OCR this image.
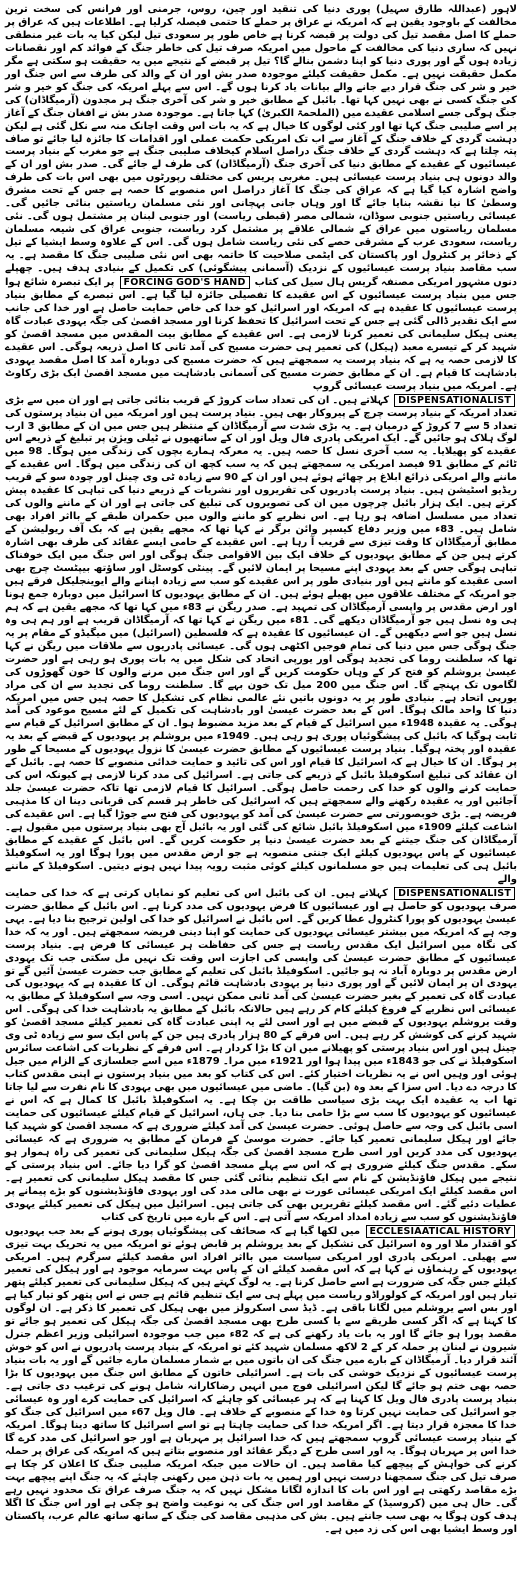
لاہور (عبداللہ طارق سہیل) پوری دنیا کی تنقید اور چین، روس، جرمنی اور فرانس کی سخت ترین مخالفت کے باوجود یقین ہے کہ امریکہ نے عراق پر حملے کا حتمی فیصلہ کرلیا ہے۔ اطلاعات ہیں کہ عراق پر حملے کا اصل مقصد تیل کی دولت پر قبضہ کرنا ہے خاص طور پر سعودی تیل لیکن کیا یہ بات غیر منطقی نہیں کہ ساری دنیا کی مخالفت کے ماحول میں امریکہ صرف تیل کی خاطر جنگ کے فوائد کم اور نقصانات زیادہ ہوں گے اور پوری دنیا کو اپنا دشمن بنالے گا؟ تیل پر قبضے کے نتیجے میں یہ حقیقت ہو سکتی ہے مگر مکمل حقیقت نہیں ہے۔ مکمل حقیقت کیلئے موجودہ صدر بش اور ان کے والد کی طرف سے اس جنگ اور خیر و شر کی جنگ قرار دیے جانے والے بیانات یاد کرنا ہوں گے۔ اس سے پہلے امریکہ کی جنگ کو خیر و شر کی جنگ کسی نے بھی نہیں کہا تھا۔ بائبل کے مطابق خیر و شر کی آخری جنگ ہر مجدون (آرمیگاڈان) کی جنگ ہوگی جسے اسلامی عقیدے میں (الملحمۃ الکبریٰ) کہا جاتا ہے۔ موجودہ صدر بش نے افغان جنگ کے آغاز پر اسے صلیبی جنگ کہا تھا اور کئی لوگوں کا خیال ہے کہ یہ بات اس وقت اچانک منہ سے نکل گئی ہے لیکن دہشت گردی کے خلاف جنگ کے آغاز سے اب تک امریکی حکمت عملی اور اقدامات کا جائزہ لیا جائے تو صاف پتہ چلتا ہے کہ دہشت گردی کے خلاف جنگ دراصل اسلام کیخلاف صلیبی جنگ ہے جو مغرب کے بنیاد پرست عیسائیوں کے عقیدے کے مطابق دنیا کی آخری جنگ (آرمیگاڈان) کی طرف لے جائے گی۔ صدر بش اور ان کے والد دونوں ہی بنیاد پرست عیسائی ہیں۔ مغربی پریس کی مختلف رپورٹوں میں بھی اس بات کی طرف واضح اشارہ کیا گیا ہے کہ عراق کی جنگ کا آغاز دراصل اس منصوبے کا حصہ ہے جس کے تحت مشرق وسطیٰ کا نیا نقشہ بنایا جائے گا اور وہاں جانی پہچانی اور نئی مسلمان ریاستیں بنائی جائیں گی۔ عیسائی ریاستیں جنوبی سوڈان، شمالی مصر (قبطی ریاست) اور جنوبی لبنان پر مشتمل ہوں گی۔ نئی مسلمان ریاستوں میں عراق کے شمالی علاقے پر مشتمل کرد ریاست، جنوبی عراق کی شیعہ مسلمان ریاست، سعودی عرب کے مشرقی حصے کی نئی ریاست شامل ہوں گی۔ اس کے علاوہ وسط ایشیا کے تیل کے ذخائر پر کنٹرول اور پاکستان کی ایٹمی صلاحیت کا خاتمہ بھی اس نئی صلیبی جنگ کا مقصد ہے۔ یہ سب مقاصد بنیاد پرست عیسائیوں کے نزدیک (آسمانی پیشگوئی) کی تکمیل کے بنیادی ہدف ہیں۔ چھپلے دنوں مشہور امریکی مصنفہ گریس ہال سیل کی کتاب FORCING GOD'S HAND پر ایک تبصرہ شائع ہوا جس میں بنیاد پرست عیسائیوں کے اس عقیدے کا تفصیلی جائزہ لیا گیا ہے۔ اس تبصرے کے مطابق بنیاد پرست عیسائیوں کا عقیدہ ہے کہ امریکہ اور اسرائیل کو خدا کی خاص حمایت حاصل ہے اور خدا کی جانب سے ایک تقدیر ڈالی گئی ہے جس کے تحت اسرائیل کا تحفظ کرنا اور مسجد اقصیٰ کی جگہ یہودی عبادت گاہ یعنی ہیکل سلیمانی کی تعمیر کرنا لازمی ہے۔ اس عقیدے کے مطابق بیت المقدس میں مسجد اقصیٰ کو شہید کر کے تیسرے معبد (ہیکل) کی تعمیر ہی حضرت مسیح کی آمد ثانی کا اصل ذریعہ ہوگی۔ اس عقیدے کا لازمی حصہ یہ ہے کہ بنیاد پرست یہ سمجھتے ہیں کہ حضرت مسیح کی دوبارہ آمد کا اصل مقصد یہودی بادشاہت کا قیام ہے۔ ان کے مطابق حضرت مسیح کی آسمانی بادشاہت میں مسجد اقصیٰ ایک بڑی رکاوٹ ہے۔ امریکہ میں بنیاد پرست عیسائی گروپ

DISPENSATIONALIST کہلاتے ہیں۔ ان کی تعداد سات کروڑ کے قریب بتائی جاتی ہے اور ان میں سے بڑی تعداد امریکہ کے بنیاد پرست چرچ کے پیروکار بھی ہیں۔ بنیاد پرست ہیں اور امریکہ میں ان بنیاد پرستوں کی تعداد 5 سے 7 کروڑ کے درمیان ہے۔ یہ بڑی شدت سے آرمیگاڈان کے منتظر ہیں جس میں ان کے مطابق 3 ارب لوگ ہلاک ہو جائیں گے۔ ایک امریکی پادری فال ویل اور ان کے ساتھیوں نے ٹیلی ویژن پر تبلیغ کے ذریعے اس عقیدے کو پھیلایا۔ یہ سب آخری نسل کا حصہ ہیں۔ یہ معرکہ ہمارے بچوں کی زندگی میں ہوگا۔ 98 میں ٹائم کے مطابق 91 فیصد امریکی یہ سمجھتے ہیں کہ یہ سب کچھ ان کی زندگی میں ہوگا۔ اس عقیدے کے ماننے والے امریکی ذرائع ابلاغ پر چھائے ہوئے ہیں اور ان کے 90 سے زیادہ ٹی وی چینل اور چودہ سو کے قریب ریڈیو اسٹیشن ہیں۔ بنیاد پرست پادریوں کی تقریروں اور نشریات کے ذریعے دنیا کی تباہی کا عقیدہ پیش کرتے ہیں۔ ایک ہزار بائبل چرچوں میں ان کی تصویروں کی تبلیغ کی جاتی ہے اور ان کے ماننے والوں کی تعداد میں مسلسل اضافہ ہو رہا ہے۔ اس نظریے کو ماننے والوں میں حکمران طبقے کے بااثر افراد بھی شامل ہیں۔ 83ء میں وزیر دفاع کیسپر وائن برگر نے کہا تھا کہ مجھے یقین ہے کہ بک آف ریولیشن کے مطابق آرمیگاڈان کا وقت تیزی سے قریب آ رہا ہے۔ اس عقیدے کے حامی ایسے عقائد کی طرف بھی اشارہ کرتے ہیں جن کے مطابق یہودیوں کے خلاف ایک بین الاقوامی جنگ ہوگی اور اس جنگ میں ایک خوفناک تباہی ہوگی جس کے بعد یہودی اپنے مسیحا پر ایمان لائیں گے۔ پینٹی کوسٹل اور ساؤتھ بیپٹسٹ چرچ بھی اسی عقیدے کو مانتے ہیں اور بنیادی طور پر اس عقیدے کو سب سے زیادہ اپنانے والے ایوینجلیکل فرقے ہیں جو امریکہ کے مختلف علاقوں میں پھیلے ہوئے ہیں۔ ان کے مطابق یہودیوں کا اسرائیل میں دوبارہ جمع ہونا اور ارض مقدس پر واپسی آرمیگاڈان کی تمہید ہے۔ صدر ریگن نے 83ء میں کہا تھا کہ مجھے یقین ہے کہ ہم ہی وہ نسل ہیں جو آرمیگاڈان دیکھے گی۔ 81ء میں ریگن نے کہا تھا کہ آرمیگاڈان قریب ہے اور ہم ہی وہ نسل ہیں جو اسے دیکھیں گے۔ ان عیسائیوں کا عقیدہ ہے کہ فلسطین (اسرائیل) میں میگیڈو کے مقام پر یہ جنگ ہوگی جس میں دنیا کی تمام فوجیں اکٹھی ہوں گی۔ عیسائی پادریوں سے ملاقات میں ریگن نے کہا تھا کہ سلطنت روما کی تجدید ہوگی اور یورپی اتحاد کی شکل میں یہ بات پوری ہو رہی ہے اور حضرت عیسیٰ یروشلم کو فتح کر کے وہاں حکومت کریں گے اور اس جنگ میں مرنے والوں کا خون گھوڑوں کی لگاموں تک پہنچے گا۔ اس جنگ میں 200 میل تک خون بہے گا۔ سلطنت روما کی تجدید سے ان کی مراد یورپی اتحاد ہے۔ بنیادی طور پر یہ دونوں باتیں نئے عالمی نظام کی تشکیل کا حصہ ہیں جس میں امریکہ دنیا کا واحد مالک ہوگا۔ اس کے بعد حضرت عیسیٰ اور بادشاہت کی تکمیل کے لئے مسیح موعود کی آمد ہوگی۔ یہ عقیدہ 1948ء میں اسرائیل کے قیام کے بعد مزید مضبوط ہوا۔ ان کے مطابق اسرائیل کے قیام سے ثابت ہوگیا کہ بائبل کی پیشگوئیاں پوری ہو رہی ہیں۔ 1949ء میں یروشلم پر یہودیوں کے قبضے کے بعد یہ عقیدہ اور پختہ ہوگیا۔ بنیاد پرست عیسائیوں کے مطابق حضرت عیسیٰ کا نزول یہودیوں کے مسیحا کے طور پر ہوگا۔ ان کا خیال ہے کہ اسرائیل کا قیام اور اس کی تائید و حمایت خدائی منصوبے کا حصہ ہے۔ بائبل کے ان عقائد کی تبلیغ اسکوفیلڈ بائبل کے ذریعے کی جاتی ہے۔ اسرائیل کی مدد کرنا لازمی ہے کیونکہ اس کی حمایت کرنے والوں کو خدا کی رحمت حاصل ہوگی۔ اسرائیل کا قیام لازمی تھا تاکہ حضرت عیسیٰ جلد آجائیں اور یہ عقیدہ رکھنے والے سمجھتے ہیں کہ اسرائیل کی خاطر ہر قسم کی قربانی دینا ان کا مذہبی فریضہ ہے۔ بڑی خوبصورتی سے حضرت عیسیٰ کی آمد کو یہودیوں کی فتح سے جوڑا گیا ہے۔ اس عقیدے کی اشاعت کیلئے 1909ء میں اسکوفیلڈ بائبل شائع کی گئی اور یہ بائبل آج بھی بنیاد پرستوں میں مقبول ہے۔ آرمیگاڈان کی جنگ جیتنے کے بعد حضرت عیسیٰ دنیا پر حکومت کریں گے۔ اس بائبل کے عقیدے کے مطابق عیسائیوں کے پاس یہودیوں کیلئے ایک جنتی منصوبہ ہے جو ارض مقدس میں پورا ہوگا اور یہ اسکوفیلڈ بائبل ہی کی تعلیمات ہیں جو مسلمانوں کیلئے کوئی مثبت رویہ پیدا نہیں ہونے دیتیں۔ اسکوفیلڈ کے ماننے والے

DISPENSATIONALIST کہلاتے ہیں۔ ان کی بائبل اس کی تعلیم کو نمایاں کرتی ہے کہ خدا کی حمایت صرف یہودیوں کو حاصل ہے اور عیسائیوں کا فرض یہودیوں کی مدد کرنا ہے۔ اس بائبل کے مطابق حضرت عیسیٰ یہودیوں کو پورا کنٹرول عطا کریں گے۔ اس بائبل نے اسرائیل کو خدا کی اولین ترجیح بنا دیا ہے۔ یہی وجہ ہے کہ امریکہ میں بیشتر عیسائی یہودیوں کی حمایت کو اپنا دینی فریضہ سمجھتے ہیں۔ اور یہ کہ خدا کی نگاہ میں اسرائیل ایک مقدس ریاست ہے جس کی حفاظت ہر عیسائی کا فرض ہے۔ بنیاد پرست عیسائیوں کے مطابق حضرت عیسیٰ کی واپسی کی اجازت اس وقت تک نہیں مل سکتی جب تک یہودی ارض مقدس پر دوبارہ آباد نہ ہو جائیں۔ اسکوفیلڈ بائبل کی تعلیم کے مطابق جب حضرت عیسیٰ آئیں گے تو یہودی ان پر ایمان لائیں گے اور پوری دنیا پر یہودی بادشاہت قائم ہوگی۔ ان کا عقیدہ ہے کہ یہودیوں کی عبادت گاہ کی تعمیر کے بغیر حضرت عیسیٰ کی آمد ثانی ممکن نہیں۔ اسی وجہ سے اسکوفیلڈ کے مطابق یہ عیسائی اس نظریے کے فروغ کیلئے کام کر رہے ہیں حالانکہ بائبل کے مطابق یہ بادشاہت خدا کی ہوگی۔ اس وقت یروشلم یہودیوں کے قبضے میں ہے اور اسی لئے یہ اپنی عبادت گاہ کی تعمیر کیلئے مسجد اقصیٰ کو شہید کرنے کی کوشش کر رہے ہیں۔ اس فرقے کے 80 ہزار پادری ہیں جن کے پاس ایک سو سے زیادہ ٹی وی چینل ہیں اور اس بنیاد پرستی کو پھیلانے میں ان کا بڑا کردار ہے۔ اس فرقے کے نظریات کی اشاعت سائرس اسکوفیلڈ نے کی جو 1843ء میں پیدا ہوا اور 1921ء میں مرا۔ 1879ء میں اسے جعلسازی کے الزام میں جیل ہوئی اور وہیں اس نے یہ نظریات اختیار کئے۔ اس کی کتاب کو بعد میں بنیاد پرستوں نے اپنی مقدس کتاب کا درجہ دے دیا۔ اس سزا کے بعد وہ (بن گیا)۔ ماضی میں عیسائیوں میں بھی یہودی کا نام نفرت سے لیا جاتا تھا اب یہ عقیدہ ایک بہت بڑی سیاسی طاقت بن چکا ہے۔ یہ اسکوفیلڈ بائبل کا کمال ہے کہ اس نے عیسائیوں کو یہودیوں کا سب سے بڑا حامی بنا دیا۔ جی ہاں، اسرائیل کے قیام کیلئے عیسائیوں کی حمایت اسی بائبل کی وجہ سے حاصل ہوئی۔ حضرت عیسیٰ کی آمد کیلئے ضروری ہے کہ مسجد اقصیٰ کو شہید کیا جائے اور ہیکل سلیمانی تعمیر کیا جائے۔ حضرت موسیٰ کے فرمان کے مطابق یہ ضروری ہے کہ عیسائی یہودیوں کی مدد کریں اور اسی طرح مسجد اقصیٰ کی جگہ ہیکل سلیمانی کی تعمیر کی راہ ہموار ہو سکے۔ مقدس جنگ کیلئے ضروری ہے کہ اس سے پہلے مسجد اقصیٰ کو گرا دیا جائے۔ اس بنیاد پرستی کے نتیجے میں ہیکل فاؤنڈیشن کے نام سے ایک تنظیم بنائی گئی جس کا مقصد ہیکل سلیمانی کی تعمیر ہے۔ اس مقصد کیلئے ایک امریکی عیسائی عورت نے بھی مالی مدد کی اور یہودی فاؤنڈیشنوں کو بڑے پیمانے پر عطیات دئیے گئے۔ اس مقصد کیلئے تقریریں بھی کی جاتی ہیں۔ اسرائیل میں ہیکل کی تعمیر کیلئے یہودی فاؤنڈیشنوں کو سب سے زیادہ امداد امریکہ سے آتی ہے۔ اس کے بارے میں تاریخ کی کتاب

ECCLESIAATICAL HISTORY میں لکھا گیا ہے کہ صحائف کی پیشگوئیاں پوری ہونے کے بعد جب یہودیوں کو اقتدار ملا اور وہ اسرائیل کی تشکیل کے بعد یروشلم پر قابض ہوئے تو امریکہ میں یہ تحریک بہت تیزی سے پھیلی۔ امریکی پادری اور امریکی سیاست میں بااثر افراد اس مقصد کیلئے سرگرم ہیں۔ امریکی یہودیوں کے رہنماؤں نے کہا ہے کہ اس مقصد کیلئے ان کے پاس بہت سرمایہ موجود ہے اور ہیکل کی تعمیر کیلئے جس جگہ کی ضرورت ہے اسے حاصل کرنا ہے۔ یہ لوگ کہتے ہیں کہ ہیکل سلیمانی کی تعمیر کیلئے پتھر تیار ہیں اور امریکہ کے کولوراڈو ریاست میں پہلے ہی سے ایک تنظیم قائم ہے جس نے اس پتھر کو تیار کیا ہے اور بس اسے یروشلم میں لگانا باقی ہے۔ ڈیڈ سی اسکرولز میں بھی ہیکل کی تعمیر کا ذکر ہے۔ ان لوگوں کا کہنا ہے کہ اگر کسی طریقے سے یا کسی طرح بھی مسجد اقصیٰ کی جگہ ہیکل کی تعمیر ہو جائے تو مقصد پورا ہو جائے گا اور یہ بات یاد رکھنے کی ہے کہ 82ء میں جب موجودہ اسرائیلی وزیر اعظم جنرل شیرون نے لبنان پر حملہ کر کے 2 لاکھ مسلمان شہید کئے تو امریکہ کے بنیاد پرست پادریوں نے اس کو خوش آئند قرار دیا۔ آرمیگاڈان کے بارے میں جنگ کی ان باتوں میں بے شمار مسلمان مارے جائیں گے اور یہ بات بنیاد پرست عیسائیوں کے نزدیک خوشی کی بات ہے۔ اسرائیلی خاتون کے مطابق اس جنگ میں یہودیوں کا بڑا حصہ بھی ختم ہو جائے گا لیکن اسرائیلی فوج میں انہیں رضاکارانہ شامل ہونے کی ترغیب دی جاتی ہے۔ بنیاد پرست پادری فال ویل کا کہنا ہے کہ ہر عیسائی کو چاہئے کہ اسرائیل کی حمایت کرے اور وہ عیسائی جو اسرائیل کی حمایت نہیں کرتا وہ خدا کے منصوبے کے خلاف ہے۔ فال ویل 67ء میں اسرائیل کی جنگ کو خدا کا معجزہ قرار دیتا ہے۔ اگر امریکہ خدا کی حمایت چاہتا ہے تو اسے اسرائیل کا ساتھ دینا ہوگا۔ امریکہ کے بنیاد پرست عیسائی گروپ سمجھتے ہیں کہ خدا اسرائیل پر مہربان ہے اور جو اسرائیل کی مدد کرے گا خدا اس پر مہربان ہوگا۔ یہ اور اسی طرح کے دیگر عقائد اور منصوبے بتاتے ہیں کہ امریکہ کی عراق پر حملہ کرنے کی خواہش کے پیچھے کیا مقاصد ہیں۔ ان حالات میں جبکہ امریکہ صلیبی جنگ کا اعلان کر چکا ہے صرف تیل کی جنگ سمجھنا درست نہیں اور ہمیں یہ بات ذہن میں رکھنی چاہئے کہ یہ جنگ اپنے پیچھے بہت بڑے مقاصد رکھتی ہے اور اس بات کا اندازہ لگانا مشکل نہیں کہ یہ جنگ صرف عراق تک محدود نہیں رہے گی۔ حال ہی میں (کروسیڈ) کے مقاصد اور اس جنگ کی یہ نوعیت واضح ہو چکی ہے اور اس جنگ کا اگلا ہدف کون ہوگا یہ بھی سب جانتے ہیں۔ بش کی مذہبی مقاصد کی جنگ کے ساتھ ساتھ عالم عرب، پاکستان اور وسط ایشیا بھی اس کی زد میں ہے۔
